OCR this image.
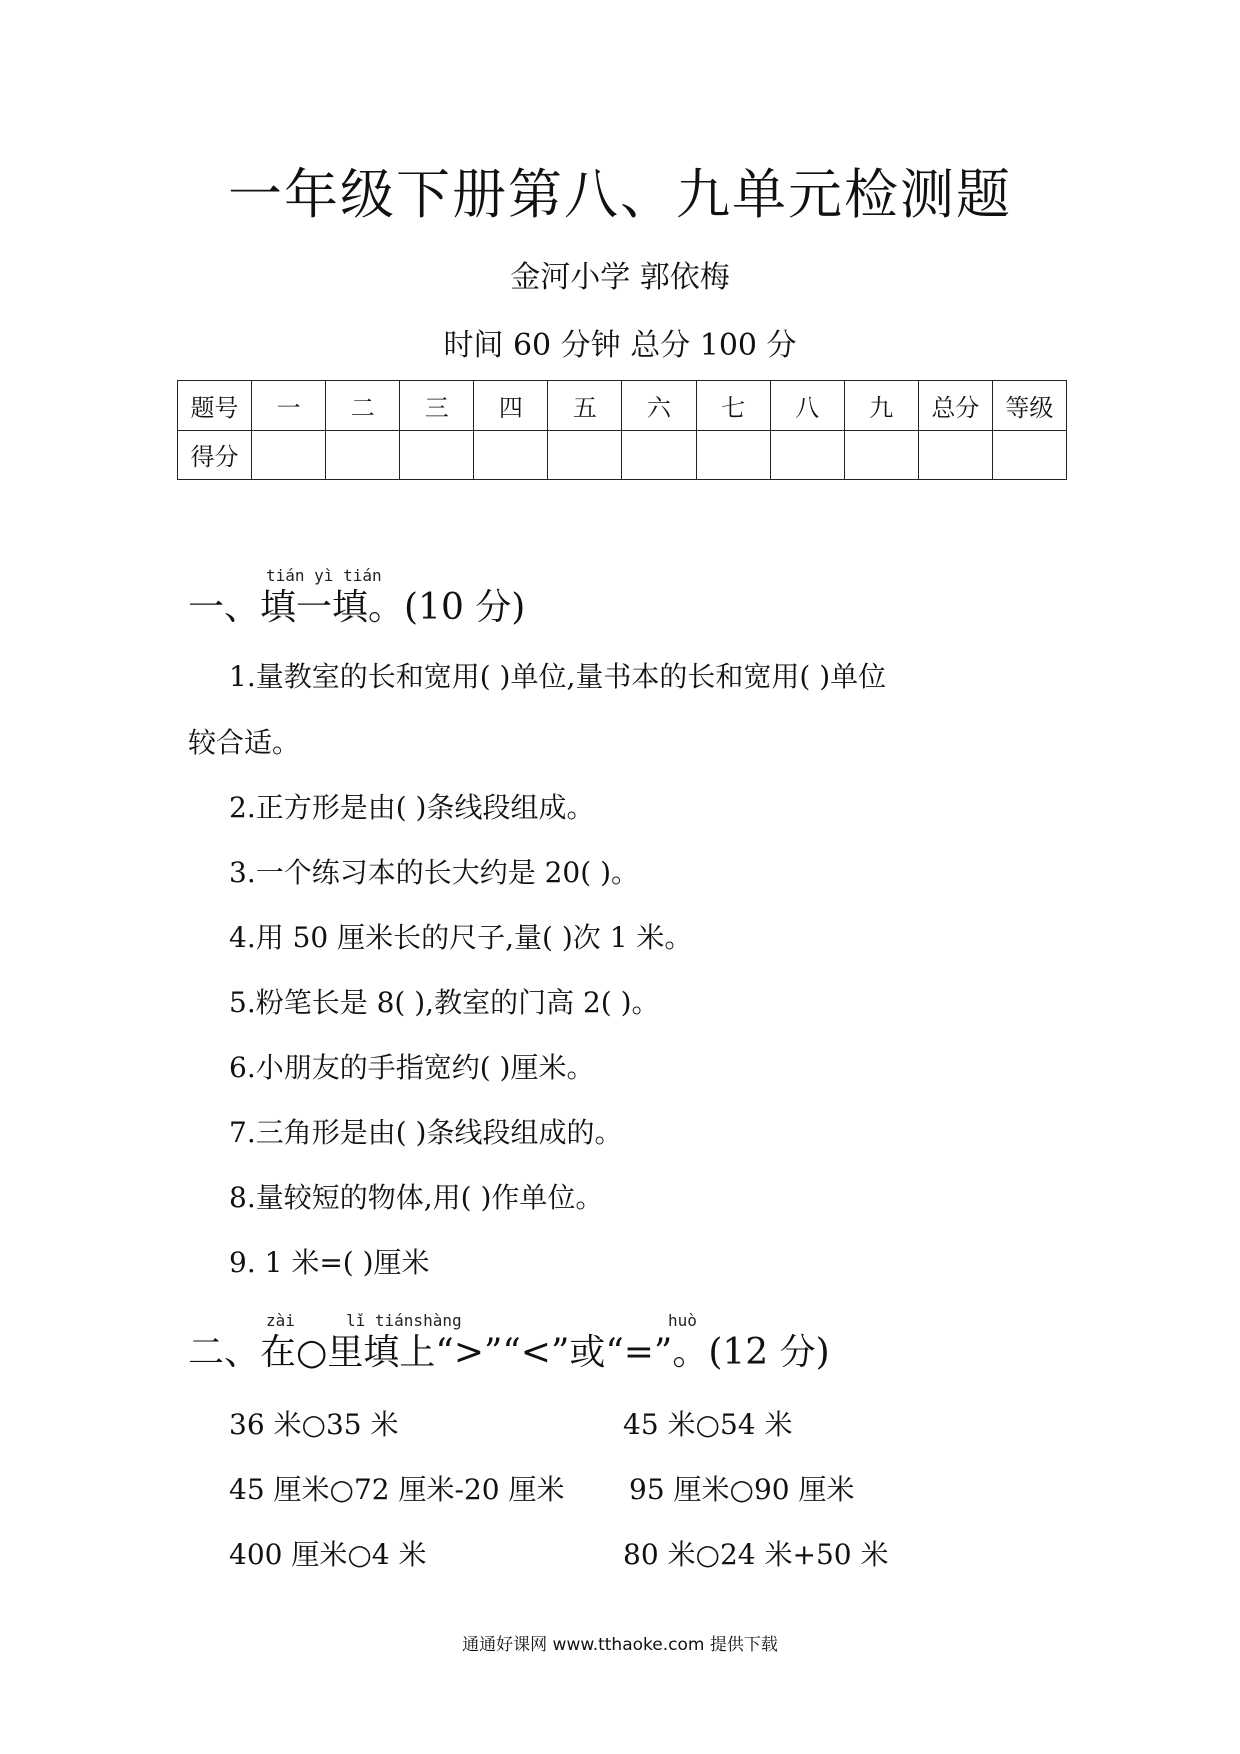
一年级下册第八、九单元检测题
金河小学 郭依梅
时间 60 分钟 总分 100 分
题号	一	二	三	四	五	六	七	八	九	总分	等级
得分											
tián yì tián
一、填一填。(10 分)
1.量教室的长和宽用( )单位,量书本的长和宽用( )单位
较合适。
2.正方形是由( )条线段组成。
3.一个练习本的长大约是 20( )。
4.用 50 厘米长的尺子,量( )次 1 米。
5.粉笔长是 8( ),教室的门高 2( )。
6.小朋友的手指宽约( )厘米。
7.三角形是由( )条线段组成的。
8.量较短的物体,用( )作单位。
9. 1 米=( )厘米
zài	lǐ tiánshàng	huò
二、在○里填上“>”“<”或“=”。(12 分)
36 米○35 米	45 米○54 米
45 厘米○72 厘米-20 厘米 95 厘米○90 厘米
400 厘米○4 米	80 米○24 米+50 米
通通好课网 www.tthaoke.com 提供下载
